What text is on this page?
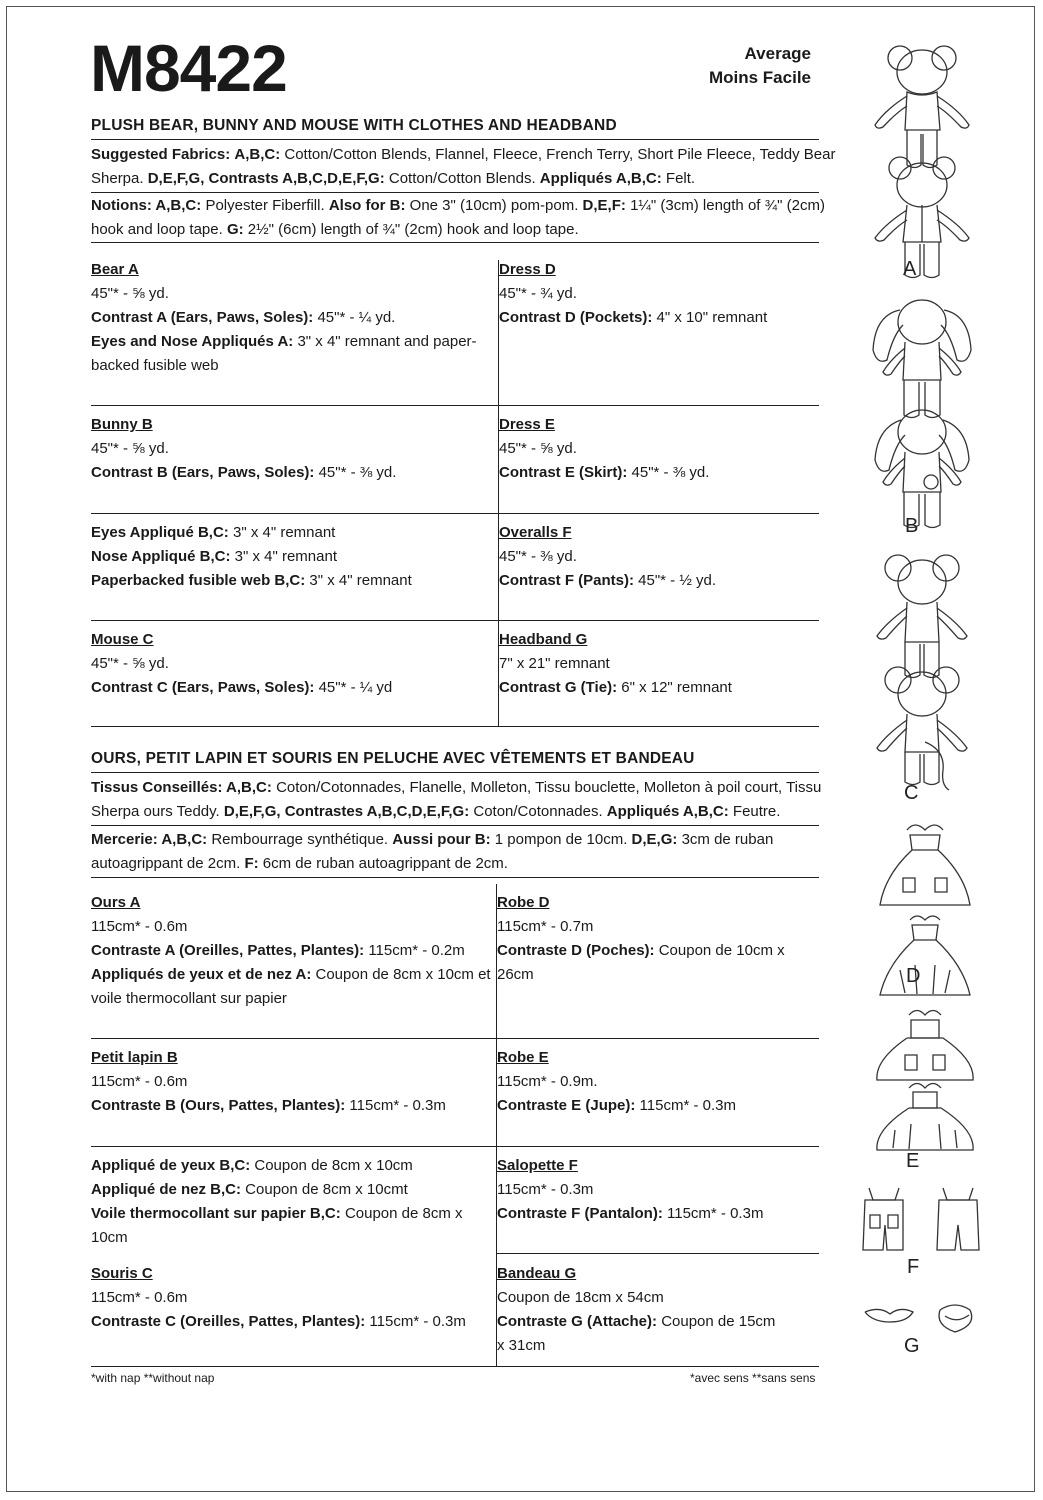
M8422	Average
Moins Facile
PLUSH BEAR, BUNNY AND MOUSE WITH CLOTHES AND HEADBAND
Suggested Fabrics: A,B,C: Cotton/Cotton Blends, Flannel, Fleece, French Terry, Short Pile Fleece, Teddy Bear
Sherpa. D,E,F,G, Contrasts A,B,C,D,E,F,G: Cotton/Cotton Blends. Appliqués A,B,C: Felt.
Notions: A,B,C: Polyester Fiberfill. Also for B: One 3" (10cm) pom-pom. D,E,F: 1¼" (3cm) length of ¾" (2cm)
hook and loop tape. G: 2½" (6cm) length of ¾" (2cm) hook and loop tape.
Bear A
45"* - ⅝ yd.
Contrast A (Ears, Paws, Soles): 45"* - ¼ yd.
Eyes and Nose Appliqués A: 3" x 4" remnant and paper-
backed fusible web
Dress D
45"* - ¾ yd.
Contrast D (Pockets): 4" x 10" remnant
Bunny B
45"* - ⅝ yd.
Contrast B (Ears, Paws, Soles): 45"* - ⅜ yd.
Dress E
45"* - ⅝ yd.
Contrast E (Skirt): 45"* - ⅜ yd.
Eyes Appliqué B,C: 3" x 4" remnant
Nose Appliqué B,C: 3" x 4" remnant
Paperbacked fusible web B,C: 3" x 4" remnant
Overalls F
45"* - ⅜ yd.
Contrast F (Pants): 45"* - ½ yd.
Mouse C
45"* - ⅝ yd.
Contrast C (Ears, Paws, Soles): 45"* - ¼ yd
Headband G
7" x 21" remnant
Contrast G (Tie): 6" x 12" remnant
OURS, PETIT LAPIN ET SOURIS EN PELUCHE AVEC VÊTEMENTS ET BANDEAU
Tissus Conseillés: A,B,C: Coton/Cotonnades, Flanelle, Molleton, Tissu bouclette, Molleton à poil court, Tissu
Sherpa ours Teddy. D,E,F,G, Contrastes A,B,C,D,E,F,G: Coton/Cotonnades. Appliqués A,B,C: Feutre.
Mercerie: A,B,C: Rembourrage synthétique. Aussi pour B: 1 pompon de 10cm. D,E,G: 3cm de ruban
autoagrippant de 2cm. F: 6cm de ruban autoagrippant de 2cm.
Ours A
115cm* - 0.6m
Contraste A (Oreilles, Pattes, Plantes): 115cm* - 0.2m
Appliqués de yeux et de nez A: Coupon de 8cm x 10cm et
voile thermocollant sur papier
Robe D
115cm* - 0.7m
Contraste D (Poches): Coupon de 10cm x
26cm
Petit lapin B
115cm* - 0.6m
Contraste B (Ours, Pattes, Plantes): 115cm* - 0.3m
Robe E
115cm* - 0.9m.
Contraste E (Jupe): 115cm* - 0.3m
Appliqué de yeux B,C: Coupon de 8cm x 10cm
Appliqué de nez B,C: Coupon de 8cm x 10cmt
Voile thermocollant sur papier B,C: Coupon de 8cm x
10cm
Salopette F
115cm* - 0.3m
Contraste F (Pantalon): 115cm* - 0.3m
Souris C
115cm* - 0.6m
Contraste C (Oreilles, Pattes, Plantes): 115cm* - 0.3m
Bandeau G
Coupon de 18cm x 54cm
Contraste G (Attache): Coupon de 15cm
x 31cm
*with nap **without nap	*avec sens **sans sens
A
B
C
D
E
F
G
